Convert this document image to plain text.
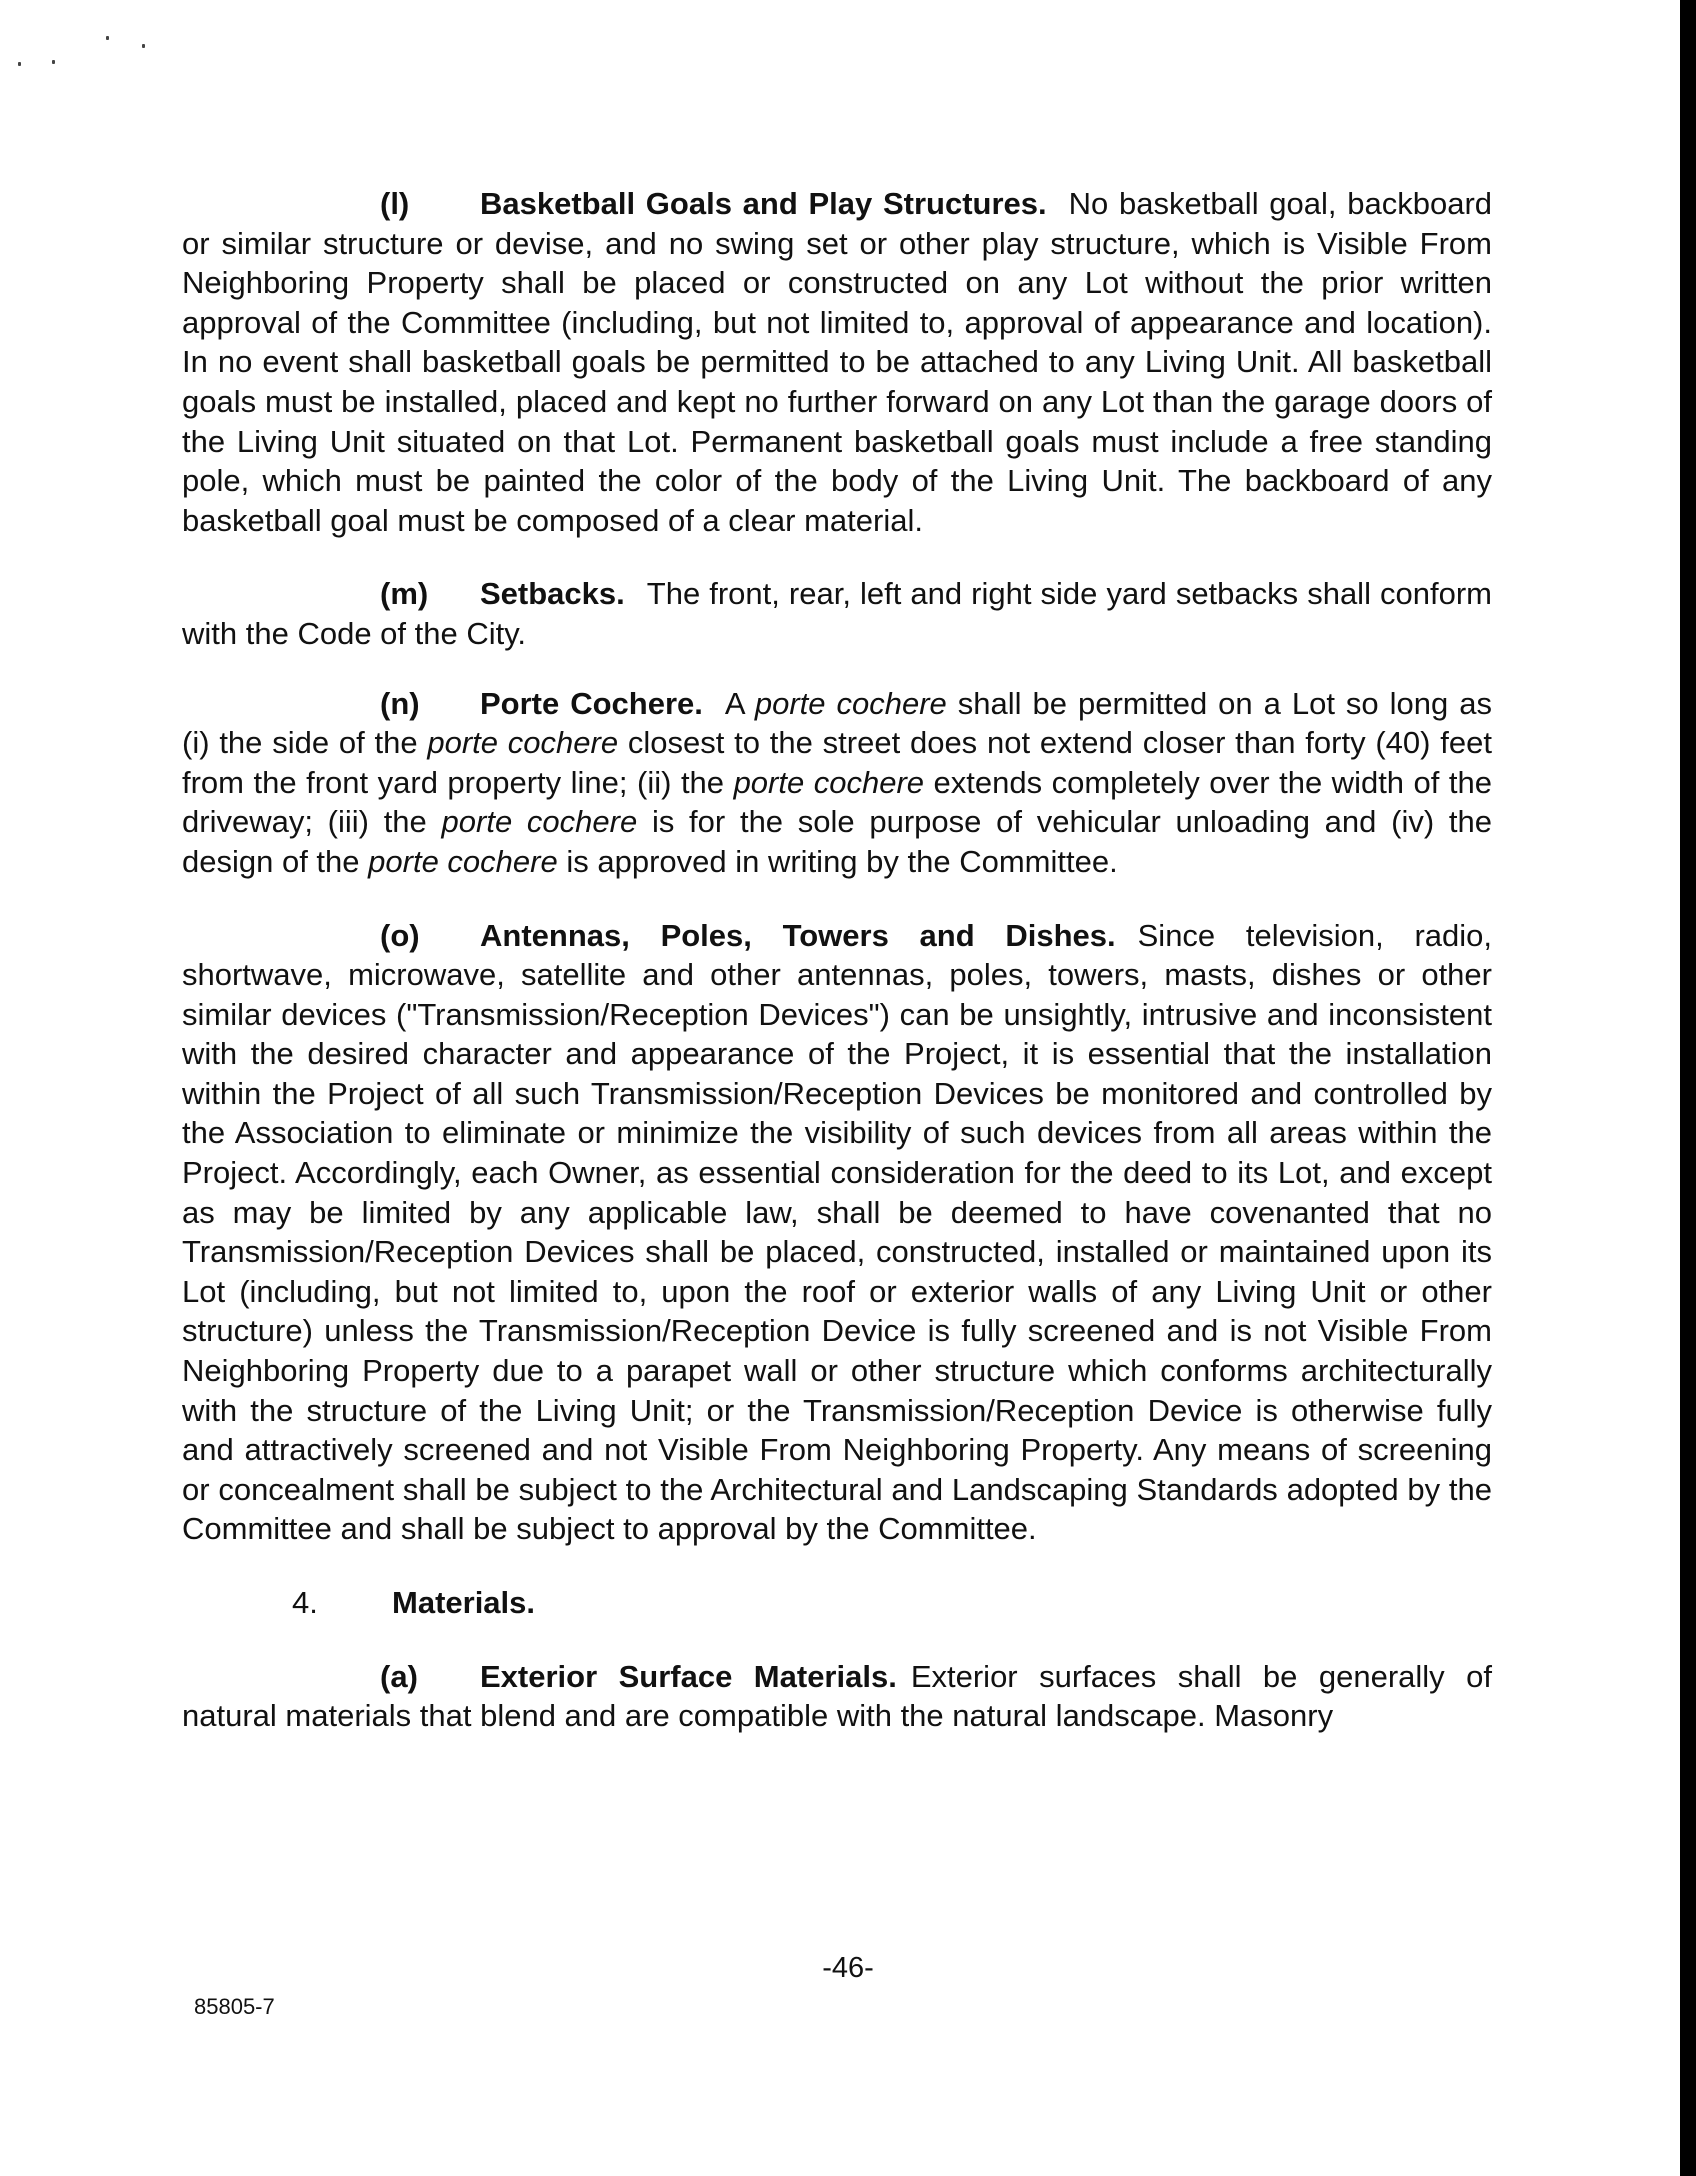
(l) Basketball Goals and Play Structures. No basketball goal, backboard or similar structure or devise, and no swing set or other play structure, which is Visible From Neighboring Property shall be placed or constructed on any Lot without the prior written approval of the Committee (including, but not limited to, approval of appearance and location). In no event shall basketball goals be permitted to be attached to any Living Unit. All basketball goals must be installed, placed and kept no further forward on any Lot than the garage doors of the Living Unit situated on that Lot. Permanent basketball goals must include a free standing pole, which must be painted the color of the body of the Living Unit. The backboard of any basketball goal must be composed of a clear material.

(m) Setbacks. The front, rear, left and right side yard setbacks shall conform with the Code of the City.

(n) Porte Cochere. A porte cochere shall be permitted on a Lot so long as (i) the side of the porte cochere closest to the street does not extend closer than forty (40) feet from the front yard property line; (ii) the porte cochere extends completely over the width of the driveway; (iii) the porte cochere is for the sole purpose of vehicular unloading and (iv) the design of the porte cochere is approved in writing by the Committee.

(o) Antennas, Poles, Towers and Dishes. Since television, radio, shortwave, microwave, satellite and other antennas, poles, towers, masts, dishes or other similar devices ("Transmission/Reception Devices") can be unsightly, intrusive and inconsistent with the desired character and appearance of the Project, it is essential that the installation within the Project of all such Transmission/Reception Devices be monitored and controlled by the Association to eliminate or minimize the visibility of such devices from all areas within the Project. Accordingly, each Owner, as essential consideration for the deed to its Lot, and except as may be limited by any applicable law, shall be deemed to have covenanted that no Transmission/Reception Devices shall be placed, constructed, installed or maintained upon its Lot (including, but not limited to, upon the roof or exterior walls of any Living Unit or other structure) unless the Transmission/Reception Device is fully screened and is not Visible From Neighboring Property due to a parapet wall or other structure which conforms architecturally with the structure of the Living Unit; or the Transmission/Reception Device is otherwise fully and attractively screened and not Visible From Neighboring Property. Any means of screening or concealment shall be subject to the Architectural and Landscaping Standards adopted by the Committee and shall be subject to approval by the Committee.

4. Materials.

(a) Exterior Surface Materials. Exterior surfaces shall be generally of natural materials that blend and are compatible with the natural landscape. Masonry

-46-
85805-7
